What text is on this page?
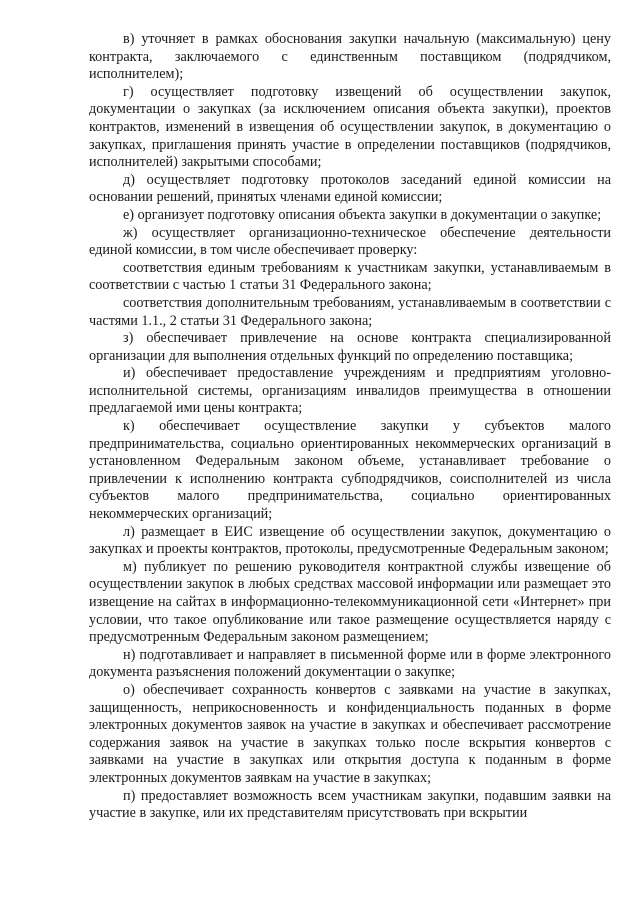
в) уточняет в рамках обоснования закупки начальную (максимальную) цену контракта, заключаемого с единственным поставщиком (подрядчиком, исполнителем);

г) осуществляет подготовку извещений об осуществлении закупок, документации о закупках (за исключением описания объекта закупки), проектов контрактов, изменений в извещения об осуществлении закупок, в документацию о закупках, приглашения принять участие в определении поставщиков (подрядчиков, исполнителей) закрытыми способами;

д) осуществляет подготовку протоколов заседаний единой комиссии на основании решений, принятых членами единой комиссии;

е) организует подготовку описания объекта закупки в документации о закупке;

ж) осуществляет организационно-техническое обеспечение деятельности единой комиссии, в том числе обеспечивает проверку:

соответствия единым требованиям к участникам закупки, устанавливаемым в соответствии с частью 1 статьи 31 Федерального закона;

соответствия дополнительным требованиям, устанавливаемым в соответствии с частями 1.1., 2 статьи 31 Федерального закона;

з) обеспечивает привлечение на основе контракта специализированной организации для выполнения отдельных функций по определению поставщика;

и) обеспечивает предоставление учреждениям и предприятиям уголовно-исполнительной системы, организациям инвалидов преимущества в отношении предлагаемой ими цены контракта;

к) обеспечивает осуществление закупки у субъектов малого предпринимательства, социально ориентированных некоммерческих организаций в установленном Федеральным законом объеме, устанавливает требование о привлечении к исполнению контракта субподрядчиков, соисполнителей из числа субъектов малого предпринимательства, социально ориентированных некоммерческих организаций;

л) размещает в ЕИС извещение об осуществлении закупок, документацию о закупках и проекты контрактов, протоколы, предусмотренные Федеральным законом;

м) публикует по решению руководителя контрактной службы извещение об осуществлении закупок в любых средствах массовой информации или размещает это извещение на сайтах в информационно-телекоммуникационной сети «Интернет» при условии, что такое опубликование или такое размещение осуществляется наряду с предусмотренным Федеральным законом размещением;

н) подготавливает и направляет в письменной форме или в форме электронного документа разъяснения положений документации о закупке;

о) обеспечивает сохранность конвертов с заявками на участие в закупках, защищенность, неприкосновенность и конфиденциальность поданных в форме электронных документов заявок на участие в закупках и обеспечивает рассмотрение содержания заявок на участие в закупках только после вскрытия конвертов с заявками на участие в закупках или открытия доступа к поданным в форме электронных документов заявкам на участие в закупках;

п) предоставляет возможность всем участникам закупки, подавшим заявки на участие в закупке, или их представителям присутствовать при вскрытии
